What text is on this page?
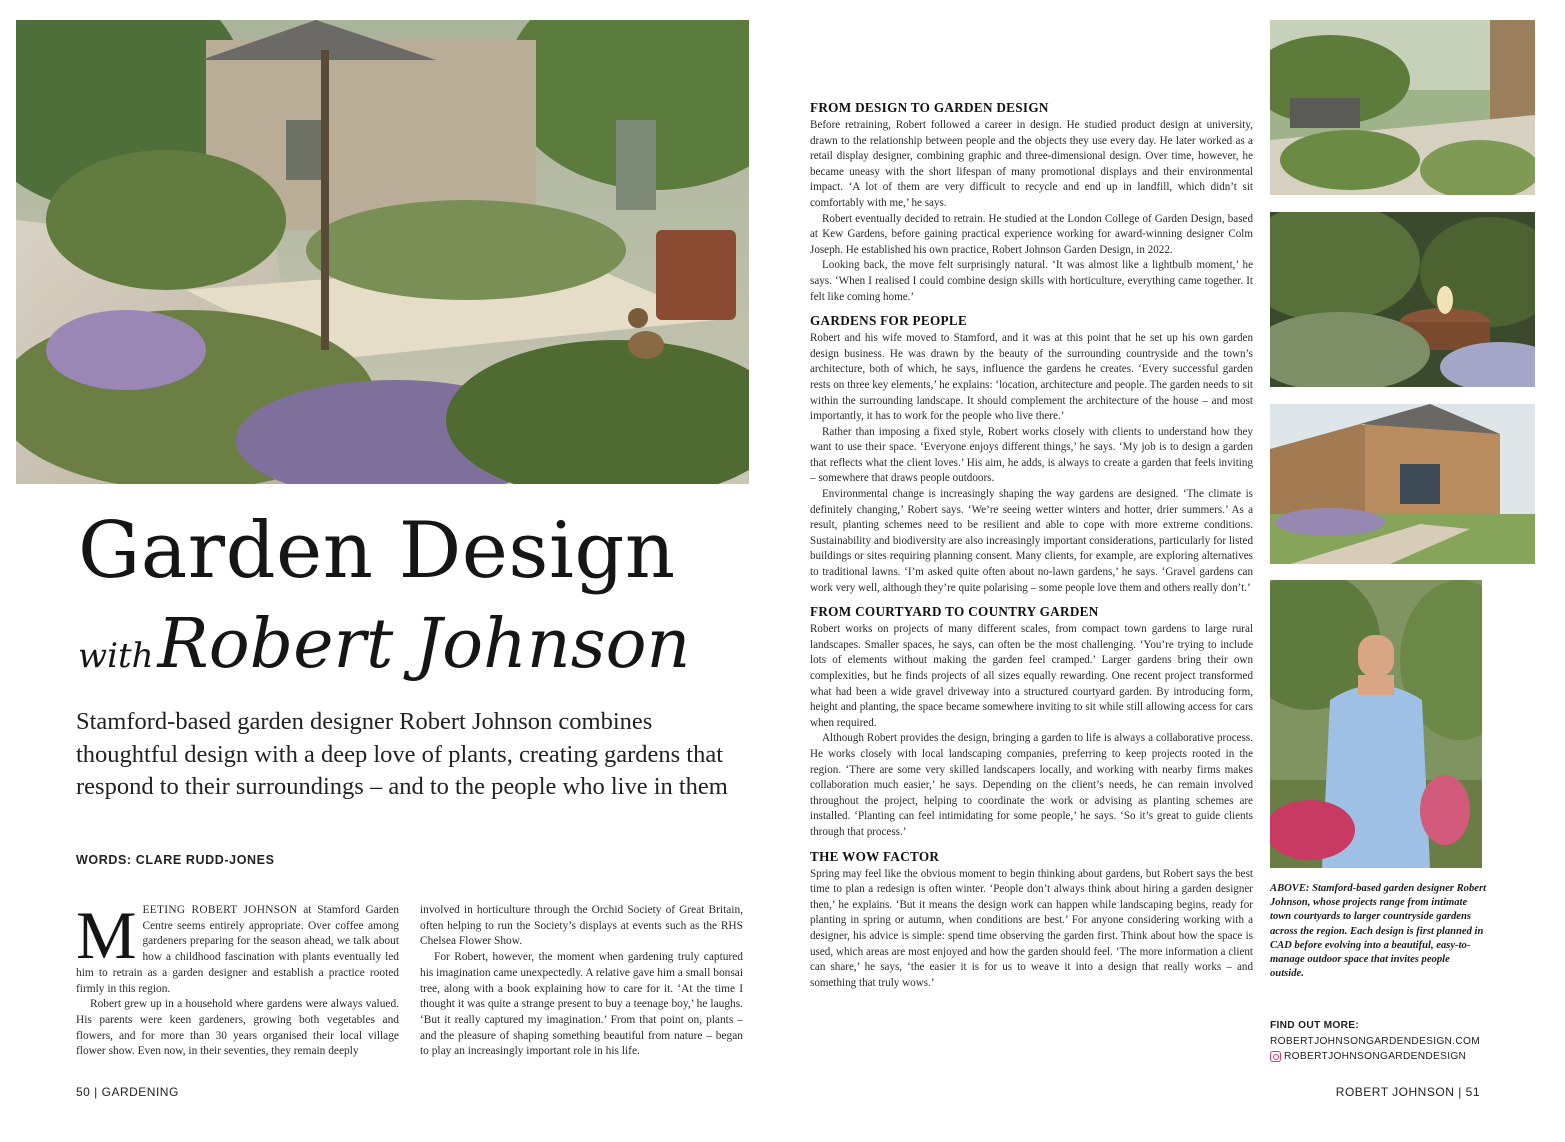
Garden Design
withRobert Johnson

Stamford-based garden designer Robert Johnson combines thoughtful design with a deep love of plants, creating gardens that respond to their surroundings – and to the people who live in them

WORDS: CLARE RUDD-JONES

MEETING ROBERT JOHNSON at Stamford Garden Centre seems entirely appropriate. Over coffee among gardeners preparing for the season ahead, we talk about how a childhood fascination with plants eventually led him to retrain as a garden designer and establish a practice rooted firmly in this region.

Robert grew up in a household where gardens were always valued. His parents were keen gardeners, growing both vegetables and flowers, and for more than 30 years organised their local village flower show. Even now, in their seventies, they remain deeply

involved in horticulture through the Orchid Society of Great Britain, often helping to run the Society’s displays at events such as the RHS Chelsea Flower Show.

For Robert, however, the moment when gardening truly captured his imagination came unexpectedly. A relative gave him a small bonsai tree, along with a book explaining how to care for it. ‘At the time I thought it was quite a strange present to buy a teenage boy,’ he laughs. ‘But it really captured my imagination.’ From that point on, plants – and the pleasure of shaping something beautiful from nature – began to play an increasingly important role in his life.

50 | GARDENING
FROM DESIGN TO GARDEN DESIGN

Before retraining, Robert followed a career in design. He studied product design at university, drawn to the relationship between people and the objects they use every day. He later worked as a retail display designer, combining graphic and three-dimensional design. Over time, however, he became uneasy with the short lifespan of many promotional displays and their environmental impact. ‘A lot of them are very difficult to recycle and end up in landfill, which didn’t sit comfortably with me,’ he says.

Robert eventually decided to retrain. He studied at the London College of Garden Design, based at Kew Gardens, before gaining practical experience working for award-winning designer Colm Joseph. He established his own practice, Robert Johnson Garden Design, in 2022.

Looking back, the move felt surprisingly natural. ‘It was almost like a lightbulb moment,’ he says. ‘When I realised I could combine design skills with horticulture, everything came together. It felt like coming home.’

GARDENS FOR PEOPLE

Robert and his wife moved to Stamford, and it was at this point that he set up his own garden design business. He was drawn by the beauty of the surrounding countryside and the town’s architecture, both of which, he says, influence the gardens he creates. ‘Every successful garden rests on three key elements,’ he explains: ‘location, architecture and people. The garden needs to sit within the surrounding landscape. It should complement the architecture of the house – and most importantly, it has to work for the people who live there.’

Rather than imposing a fixed style, Robert works closely with clients to understand how they want to use their space. ‘Everyone enjoys different things,’ he says. ‘My job is to design a garden that reflects what the client loves.’ His aim, he adds, is always to create a garden that feels inviting – somewhere that draws people outdoors.

Environmental change is increasingly shaping the way gardens are designed. ‘The climate is definitely changing,’ Robert says. ‘We’re seeing wetter winters and hotter, drier summers.’ As a result, planting schemes need to be resilient and able to cope with more extreme conditions. Sustainability and biodiversity are also increasingly important considerations, particularly for listed buildings or sites requiring planning consent. Many clients, for example, are exploring alternatives to traditional lawns. ‘I’m asked quite often about no-lawn gardens,’ he says. ‘Gravel gardens can work very well, although they’re quite polarising – some people love them and others really don’t.’

FROM COURTYARD TO COUNTRY GARDEN

Robert works on projects of many different scales, from compact town gardens to large rural landscapes. Smaller spaces, he says, can often be the most challenging. ‘You’re trying to include lots of elements without making the garden feel cramped.’ Larger gardens bring their own complexities, but he finds projects of all sizes equally rewarding. One recent project transformed what had been a wide gravel driveway into a structured courtyard garden. By introducing form, height and planting, the space became somewhere inviting to sit while still allowing access for cars when required.

Although Robert provides the design, bringing a garden to life is always a collaborative process. He works closely with local landscaping companies, preferring to keep projects rooted in the region. ‘There are some very skilled landscapers locally, and working with nearby firms makes collaboration much easier,’ he says. Depending on the client’s needs, he can remain involved throughout the project, helping to coordinate the work or advising as planting schemes are installed. ‘Planting can feel intimidating for some people,’ he says. ‘So it’s great to guide clients through that process.’

THE WOW FACTOR

Spring may feel like the obvious moment to begin thinking about gardens, but Robert says the best time to plan a redesign is often winter. ‘People don’t always think about hiring a garden designer then,’ he explains. ‘But it means the design work can happen while landscaping begins, ready for planting in spring or autumn, when conditions are best.’ For anyone considering working with a designer, his advice is simple: spend time observing the garden first. Think about how the space is used, which areas are most enjoyed and how the garden should feel. ‘The more information a client can share,’ he says, ‘the easier it is for us to weave it into a design that really works – and something that truly wows.’

ABOVE: Stamford-based garden designer Robert Johnson, whose projects range from intimate town courtyards to larger countryside gardens across the region. Each design is first planned in CAD before evolving into a beautiful, easy-to-manage outdoor space that invites people outside.

FIND OUT MORE:
ROBERTJOHNSONGARDENDESIGN.COM
ROBERTJOHNSONGARDENDESIGN
ROBERT JOHNSON | 51
